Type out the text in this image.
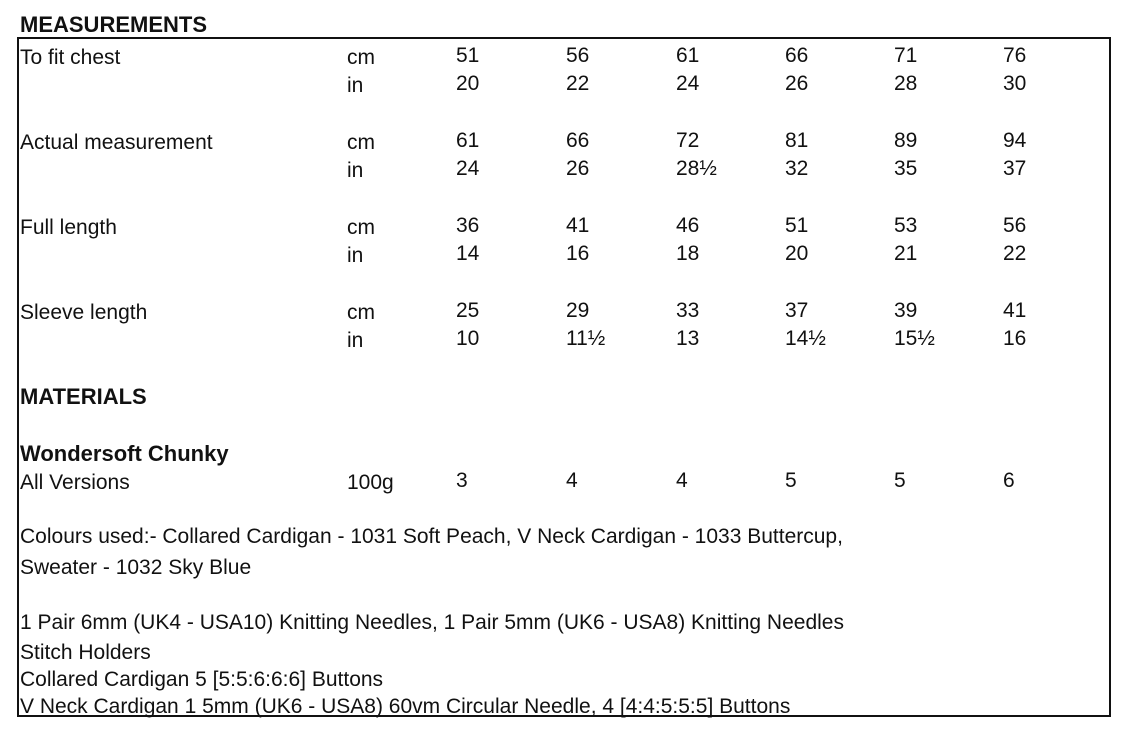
MEASUREMENTS
To fit chest	cm	51	56	61	66	71	76
in	20	22	24	26	28	30
Actual measurement	cm	61	66	72	81	89	94
in	24	26	28½	32	35	37
Full length	cm	36	41	46	51	53	56
in	14	16	18	20	21	22
Sleeve length	cm	25	29	33	37	39	41
in	10	11½	13	14½	15½	16
MATERIALS
Wondersoft Chunky
All Versions	100g	3	4	4	5	5	6
Colours used:- Collared Cardigan - 1031 Soft Peach, V Neck Cardigan - 1033 Buttercup,
Sweater - 1032 Sky Blue
1 Pair 6mm (UK4 - USA10) Knitting Needles, 1 Pair 5mm (UK6 - USA8) Knitting Needles
Stitch Holders
Collared Cardigan 5 [5:5:6:6:6] Buttons
V Neck Cardigan 1 5mm (UK6 - USA8) 60vm Circular Needle, 4 [4:4:5:5:5] Buttons
